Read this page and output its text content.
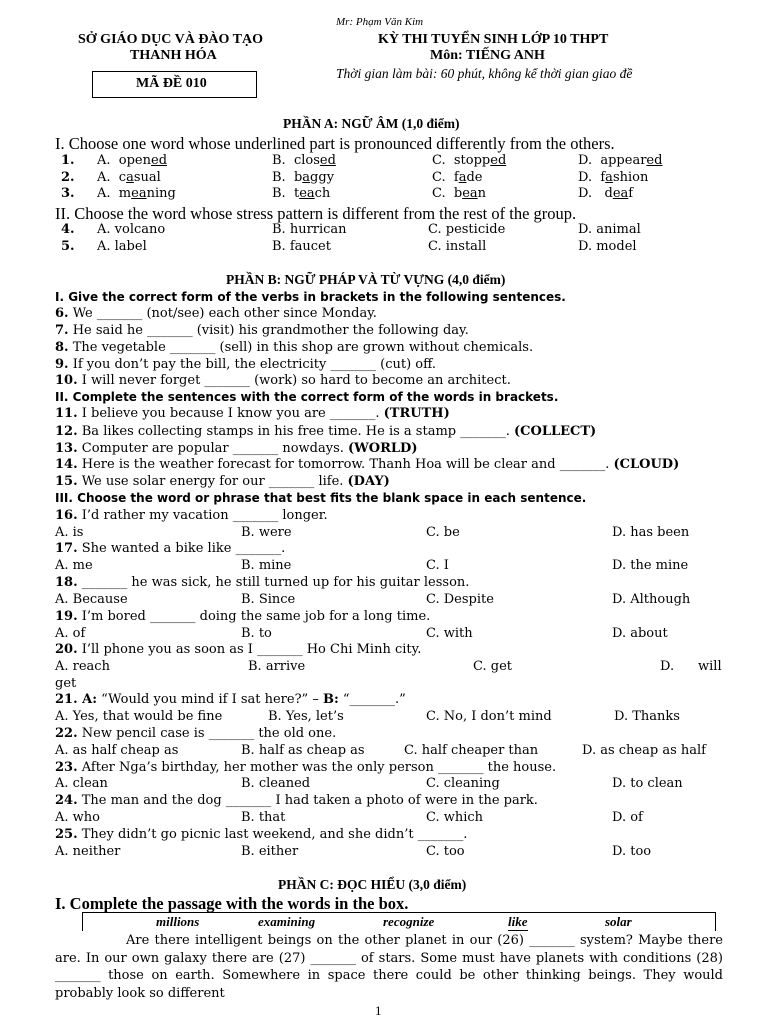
Mr: Phạm Văn Kim
SỞ GIÁO DỤC VÀ ĐÀO TẠO
THANH HÓA
KỲ THI TUYỂN SINH LỚP 10 THPT
Môn: TIẾNG ANH
Thời gian làm bài: 60 phút, không kể thời gian giao đề
MÃ ĐỀ 010
PHẦN A: NGỮ ÂM (1,0 điểm)
I. Choose one word whose underlined part is pronounced differently from the others.
1. A.  opened	B.  closed	C.  stopped	D.  appeared
2. A.  casual	B.  baggy	C.  fade	D.  fashion
3. A.  meaning	B.  teach	C.  bean	D.   deaf
II. Choose the word whose stress pattern is different from the rest of the group.
4. A. volcano	B. hurrican	C. pesticide	D. animal
5. A. label	B. faucet	C. install	D. model
PHẦN B: NGỮ PHÁP VÀ TỪ VỰNG (4,0 điểm)
I. Give the correct form of the verbs in brackets in the following sentences.
6. We _______ (not/see) each other since Monday.
7. He said he _______ (visit) his grandmother the following day.
8. The vegetable _______ (sell) in this shop are grown without chemicals.
9. If you don’t pay the bill, the electricity _______ (cut) off.
10. I will never forget _______ (work) so hard to become an architect.
II. Complete the sentences with the correct form of the words in brackets.
11. I believe you because I know you are _______. (TRUTH)
12. Ba likes collecting stamps in his free time. He is a stamp _______. (COLLECT)
13. Computer are popular _______ nowdays. (WORLD)
14. Here is the weather forecast for tomorrow. Thanh Hoa will be clear and _______. (CLOUD)
15. We use solar energy for our _______ life. (DAY)
III. Choose the word or phrase that best fits the blank space in each sentence.
16. I’d rather my vacation _______ longer.
A. is	B. were	C. be	D. has been
17. She wanted a bike like _______.
A. me	B. mine	C. I	D. the mine
18. _______ he was sick, he still turned up for his guitar lesson.
A. Because	B. Since	C. Despite	D. Although
19. I’m bored _______ doing the same job for a long time.
A. of	B. to	C. with	D. about
20. I’ll phone you as soon as I _______ Ho Chi Minh city.
A. reach	B. arrive	C. get	D. will
get
21. A: “Would you mind if I sat here?” – B: “_______.”
A. Yes, that would be fine	B. Yes, let’s	C. No, I don’t mind	D. Thanks
22. New pencil case is _______ the old one.
A. as half cheap as	B. half as cheap as	C. half cheaper than	D. as cheap as half
23. After Nga’s birthday, her mother was the only person _______ the house.
A. clean	B. cleaned	C. cleaning	D. to clean
24. The man and the dog _______ I had taken a photo of were in the park.
A. who	B. that	C. which	D. of
25. They didn’t go picnic last weekend, and she didn’t _______.
A. neither	B. either	C. too	D. too
PHẦN C: ĐỌC HIỂU (3,0 điểm)
I. Complete the passage with the words in the box.
millions	examining	recognize	like	solar
Are there intelligent beings on the other planet in our (26) _______ system? Maybe there are. In our own galaxy there are (27) _______ of stars. Some must have planets with conditions (28) _______ those on earth. Somewhere in space there could be other thinking beings. They would probably look so different
1
